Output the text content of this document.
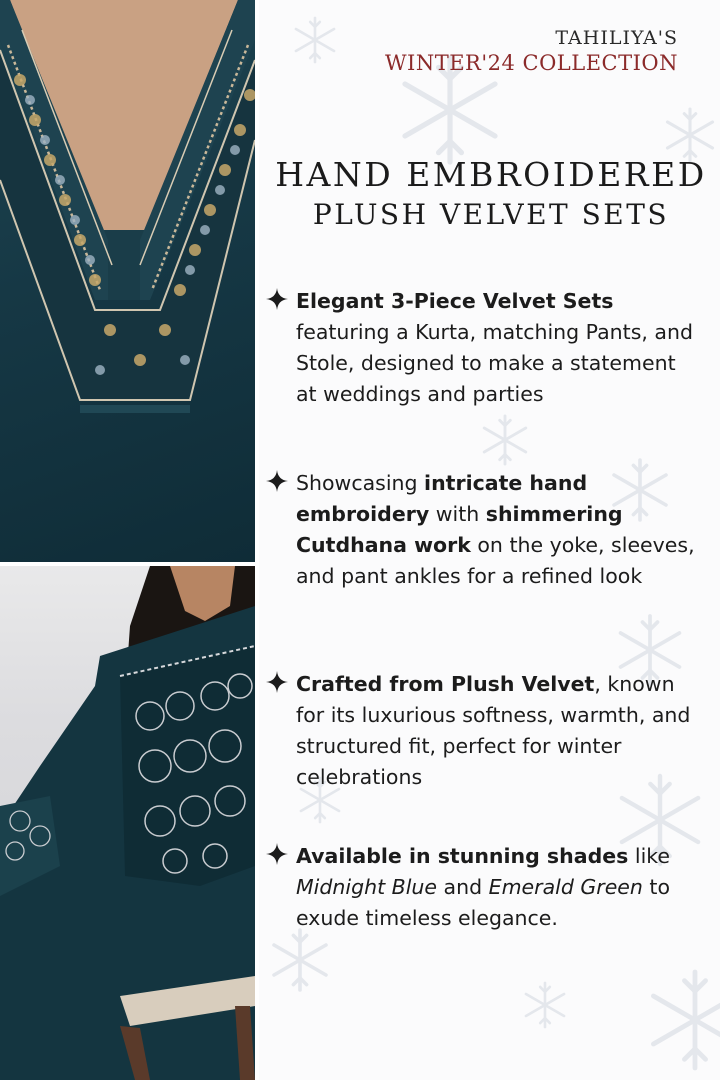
TAHILIYA'S
WINTER'24 COLLECTION
HAND EMBROIDERED
PLUSH VELVET SETS
Elegant 3-Piece Velvet Sets featuring a Kurta, matching Pants, and Stole, designed to make a statement at weddings and parties
Showcasing intricate hand embroidery with shimmering Cutdhana work on the yoke, sleeves, and pant ankles for a refined look
Crafted from Plush Velvet, known for its luxurious softness, warmth, and structured fit, perfect for winter celebrations
Available in stunning shades like Midnight Blue and Emerald Green to exude timeless elegance.
